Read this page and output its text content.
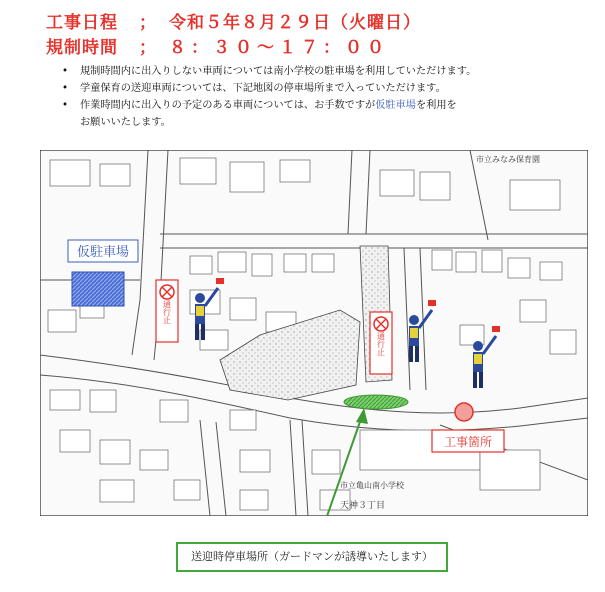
工事日程 ； 令和５年８月２９日（火曜日）
規制時間 ； ８：３０～１７：００
• 規制時間内に出入りしない車両については南小学校の駐車場を利用していただけます。
• 学童保育の送迎車両については、下記地図の停車場所まで入っていただけます。
• 作業時間内に出入りの予定のある車両については、お手数ですが仮駐車場を利用を
お願いいたします。
仮駐車場
工事箇所
通行止
通行止
市立みなみ保育園
市立亀山南小学校
天神３丁目
送迎時停車場所（ガードマンが誘導いたします）
